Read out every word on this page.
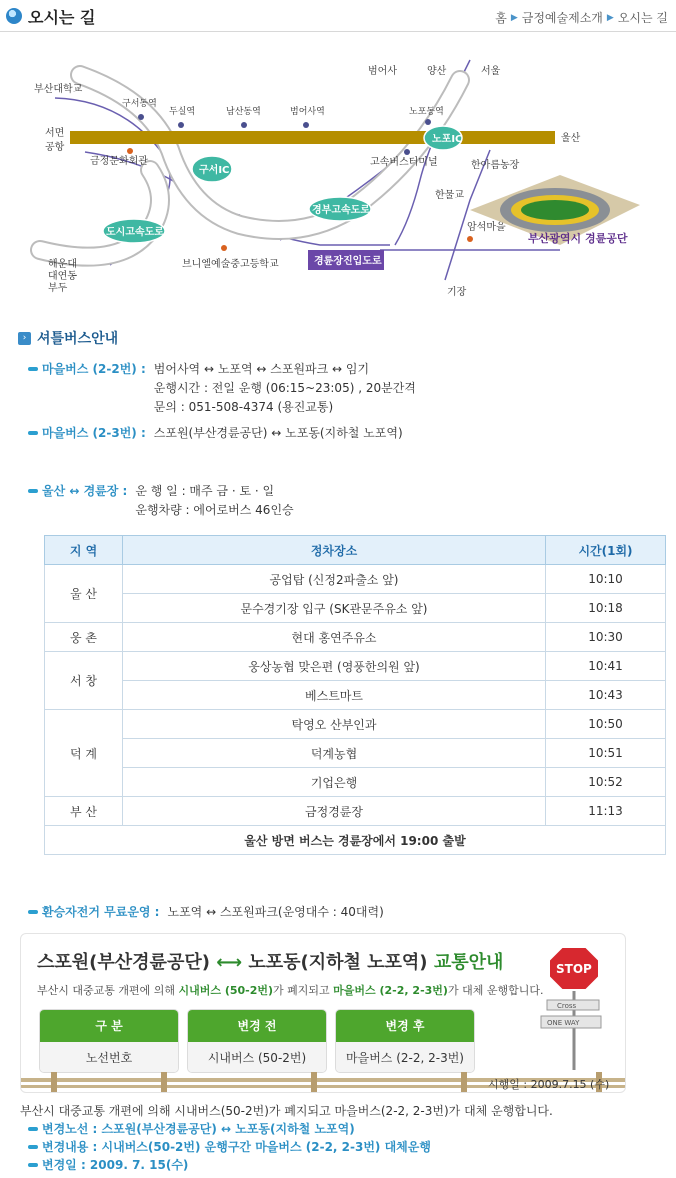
오시는 길	홈 ▶ 금정예술제소개 ▶ 오시는 길
부산대학교
서면
공항
구서동역
두실역	남산동역	범어사역	노포동역
범어사	양산	서울
울산
금정문화회관	고속버스터미널	한아름농장
한물교
암석마을
해운대
대연동
부두
브니엘예술중고등학교
기장
부산광역시 경륜공단
노포IC
구서IC
경부고속도로
도시고속도로
경륜장진입도로
› 셔틀버스안내
마을버스 (2-2번) : 범어사역 ↔ 노포역 ↔ 스포원파크 ↔ 임기
운행시간 : 전일 운행 (06:15~23:05) , 20분간격
문의 : 051-508-4374 (용진교통)
마을버스 (2-3번) : 스포원(부산경륜공단) ↔ 노포동(지하철 노포역)
울산 ↔ 경륜장 : 운 행 일 : 매주 금 · 토 · 일
운행차량 : 에어로버스 46인승
지 역	정차장소	시간(1회)
울 산	공업탑 (신정2파출소 앞)	10:10
	문수경기장 입구 (SK관문주유소 앞)	10:18
웅 촌	현대 홍연주유소	10:30
서 창	웅상농협 맞은편 (영풍한의원 앞)	10:41
	베스트마트	10:43
덕 계	탁영오 산부인과	10:50
	덕계농협	10:51
	기업은행	10:52
부 산	금정경륜장	11:13
울산 방면 버스는 경륜장에서 19:00 출발		
환승자전거 무료운영 : 노포역 ↔ 스포원파크(운영대수 : 40대력)
스포원(부산경륜공단) ⟷ 노포동(지하철 노포역) 교통안내
부산시 대중교통 개편에 의해 시내버스 (50-2번)가 폐지되고 마을버스 (2-2, 2-3번)가 대체 운행합니다.
구 분
노선번호
변경 전
시내버스 (50-2번)
변경 후
마을버스 (2-2, 2-3번)
STOP
Cross
ONE WAY
시행일 : 2009.7.15 (수)
부산시 대중교통 개편에 의해 시내버스(50-2번)가 폐지되고 마을버스(2-2, 2-3번)가 대체 운행합니다.
변경노선 : 스포원(부산경륜공단) ↔ 노포동(지하철 노포역)
변경내용 : 시내버스(50-2번) 운행구간 마을버스 (2-2, 2-3번) 대체운행
변경일 : 2009. 7. 15(수)
